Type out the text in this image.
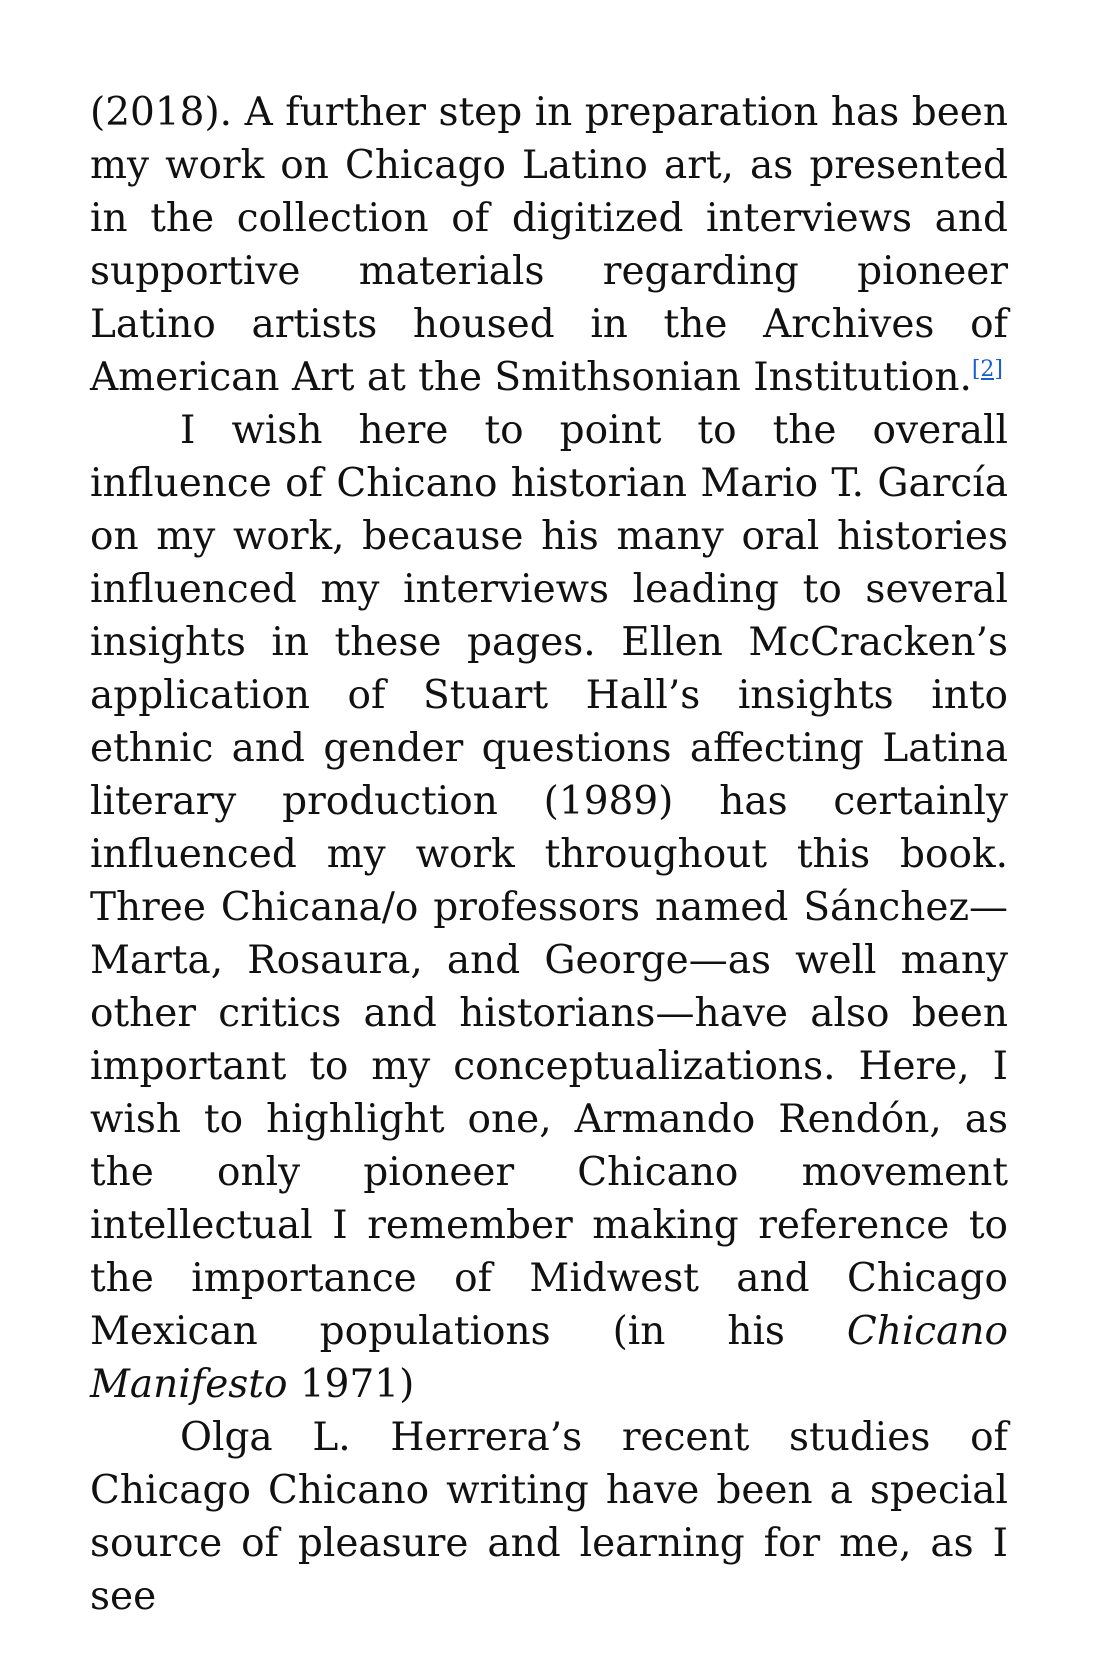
(2018). A further step in preparation has been my work on Chicago Latino art, as presented in the collection of digitized interviews and supportive materials regarding pioneer Latino artists housed in the Archives of American Art at the Smithsonian Institution.[2]

I wish here to point to the overall influence of Chicano historian Mario T. García on my work, because his many oral histories influenced my interviews leading to several insights in these pages. Ellen McCracken’s application of Stuart Hall’s insights into ethnic and gender questions affecting Latina literary production (1989) has certainly influenced my work throughout this book. Three Chicana/o professors named Sánchez—Marta, Rosaura, and George—as well many other critics and historians—have also been important to my conceptualizations. Here, I wish to highlight one, Armando Rendón, as the only pioneer Chicano movement intellectual I remember making reference to the importance of Midwest and Chicago Mexican populations (in his Chicano Manifesto 1971)

Olga L. Herrera’s recent studies of Chicago Chicano writing have been a special source of pleasure and learning for me, as I see
